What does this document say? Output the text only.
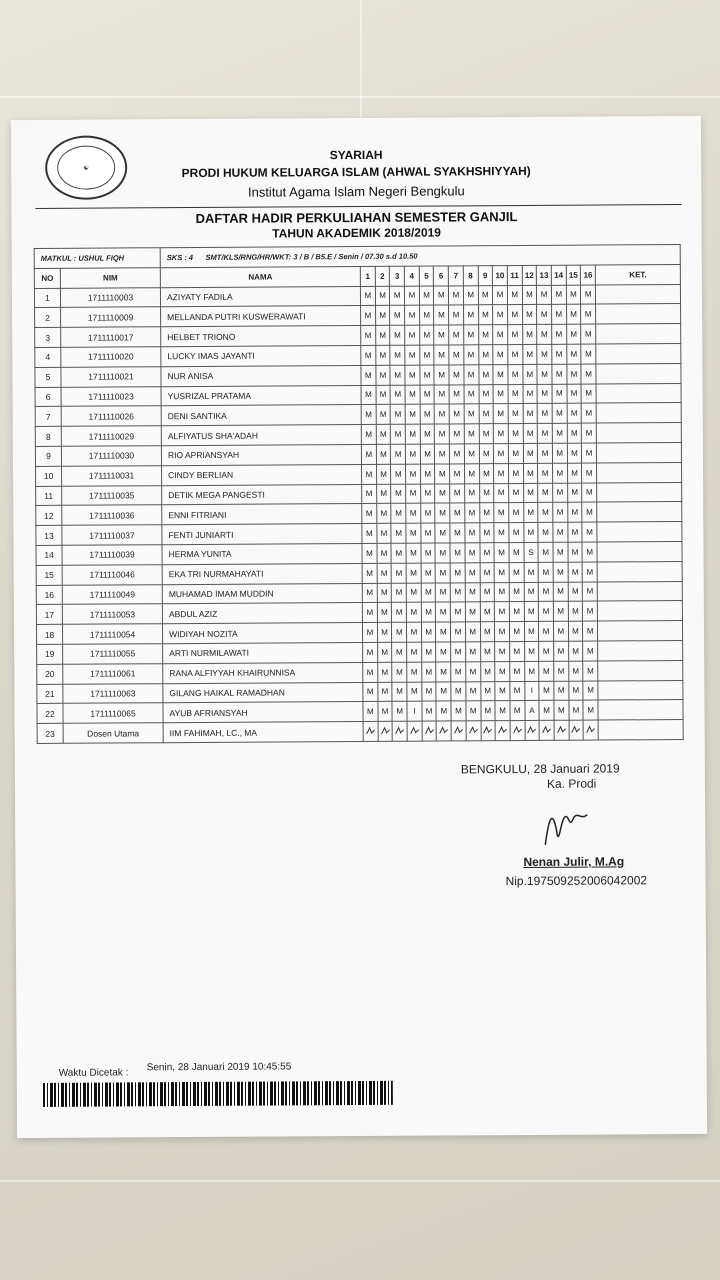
☯
SYARIAH
PRODI HUKUM KELUARGA ISLAM (AHWAL SYAKHSHIYYAH)
Institut Agama Islam Negeri Bengkulu
DAFTAR HADIR PERKULIAHAN SEMESTER GANJIL
TAHUN AKADEMIK 2018/2019
MATKUL : USHUL FIQH		SKS : 4 SMT/KLS/RNG/HR/WKT: 3 / B / B5.E / Senin / 07.30 s.d 10.50																	
NO	NIM	NAMA	1	2	3	4	5	6	7	8	9	10	11	12	13	14	15	16	KET.
1	1711110003	AZIYATY FADILA	M	M	M	M	M	M	M	M	M	M	M	M	M	M	M	M	
2	1711110009	MELLANDA PUTRI KUSWERAWATI	M	M	M	M	M	M	M	M	M	M	M	M	M	M	M	M	
3	1711110017	HELBET TRIONO	M	M	M	M	M	M	M	M	M	M	M	M	M	M	M	M	
4	1711110020	LUCKY IMAS JAYANTI	M	M	M	M	M	M	M	M	M	M	M	M	M	M	M	M	
5	1711110021	NUR ANISA	M	M	M	M	M	M	M	M	M	M	M	M	M	M	M	M	
6	1711110023	YUSRIZAL PRATAMA	M	M	M	M	M	M	M	M	M	M	M	M	M	M	M	M	
7	1711110026	DENI SANTIKA	M	M	M	M	M	M	M	M	M	M	M	M	M	M	M	M	
8	1711110029	ALFIYATUS SHA'ADAH	M	M	M	M	M	M	M	M	M	M	M	M	M	M	M	M	
9	1711110030	RIO APRIANSYAH	M	M	M	M	M	M	M	M	M	M	M	M	M	M	M	M	
10	1711110031	CINDY BERLIAN	M	M	M	M	M	M	M	M	M	M	M	M	M	M	M	M	
11	1711110035	DETIK MEGA PANGESTI	M	M	M	M	M	M	M	M	M	M	M	M	M	M	M	M	
12	1711110036	ENNI FITRIANI	M	M	M	M	M	M	M	M	M	M	M	M	M	M	M	M	
13	1711110037	FENTI JUNIARTI	M	M	M	M	M	M	M	M	M	M	M	M	M	M	M	M	
14	1711110039	HERMA YUNITA	M	M	M	M	M	M	M	M	M	M	M	S	M	M	M	M	
15	1711110046	EKA TRI NURMAHAYATI	M	M	M	M	M	M	M	M	M	M	M	M	M	M	M	M	
16	1711110049	MUHAMAD IMAM MUDDIN	M	M	M	M	M	M	M	M	M	M	M	M	M	M	M	M	
17	1711110053	ABDUL AZIZ	M	M	M	M	M	M	M	M	M	M	M	M	M	M	M	M	
18	1711110054	WIDIYAH NOZITA	M	M	M	M	M	M	M	M	M	M	M	M	M	M	M	M	
19	1711110055	ARTI NURMILAWATI	M	M	M	M	M	M	M	M	M	M	M	M	M	M	M	M	
20	1711110061	RANA ALFIYYAH KHAIRUNNISA	M	M	M	M	M	M	M	M	M	M	M	M	M	M	M	M	
21	1711110063	GILANG HAIKAL RAMADHAN	M	M	M	M	M	M	M	M	M	M	M	I	M	M	M	M	
22	1711110065	AYUB AFRIANSYAH	M	M	M	I	M	M	M	M	M	M	M	A	M	M	M	M	
23	Dosen Utama	IIM FAHIMAH, LC., MA																	
BENGKULU, 28 Januari 2019
Ka. Prodi
Nenan Julir, M.Ag
Nip.197509252006042002
Waktu Dicetak : Senin, 28 Januari 2019 10:45:55
